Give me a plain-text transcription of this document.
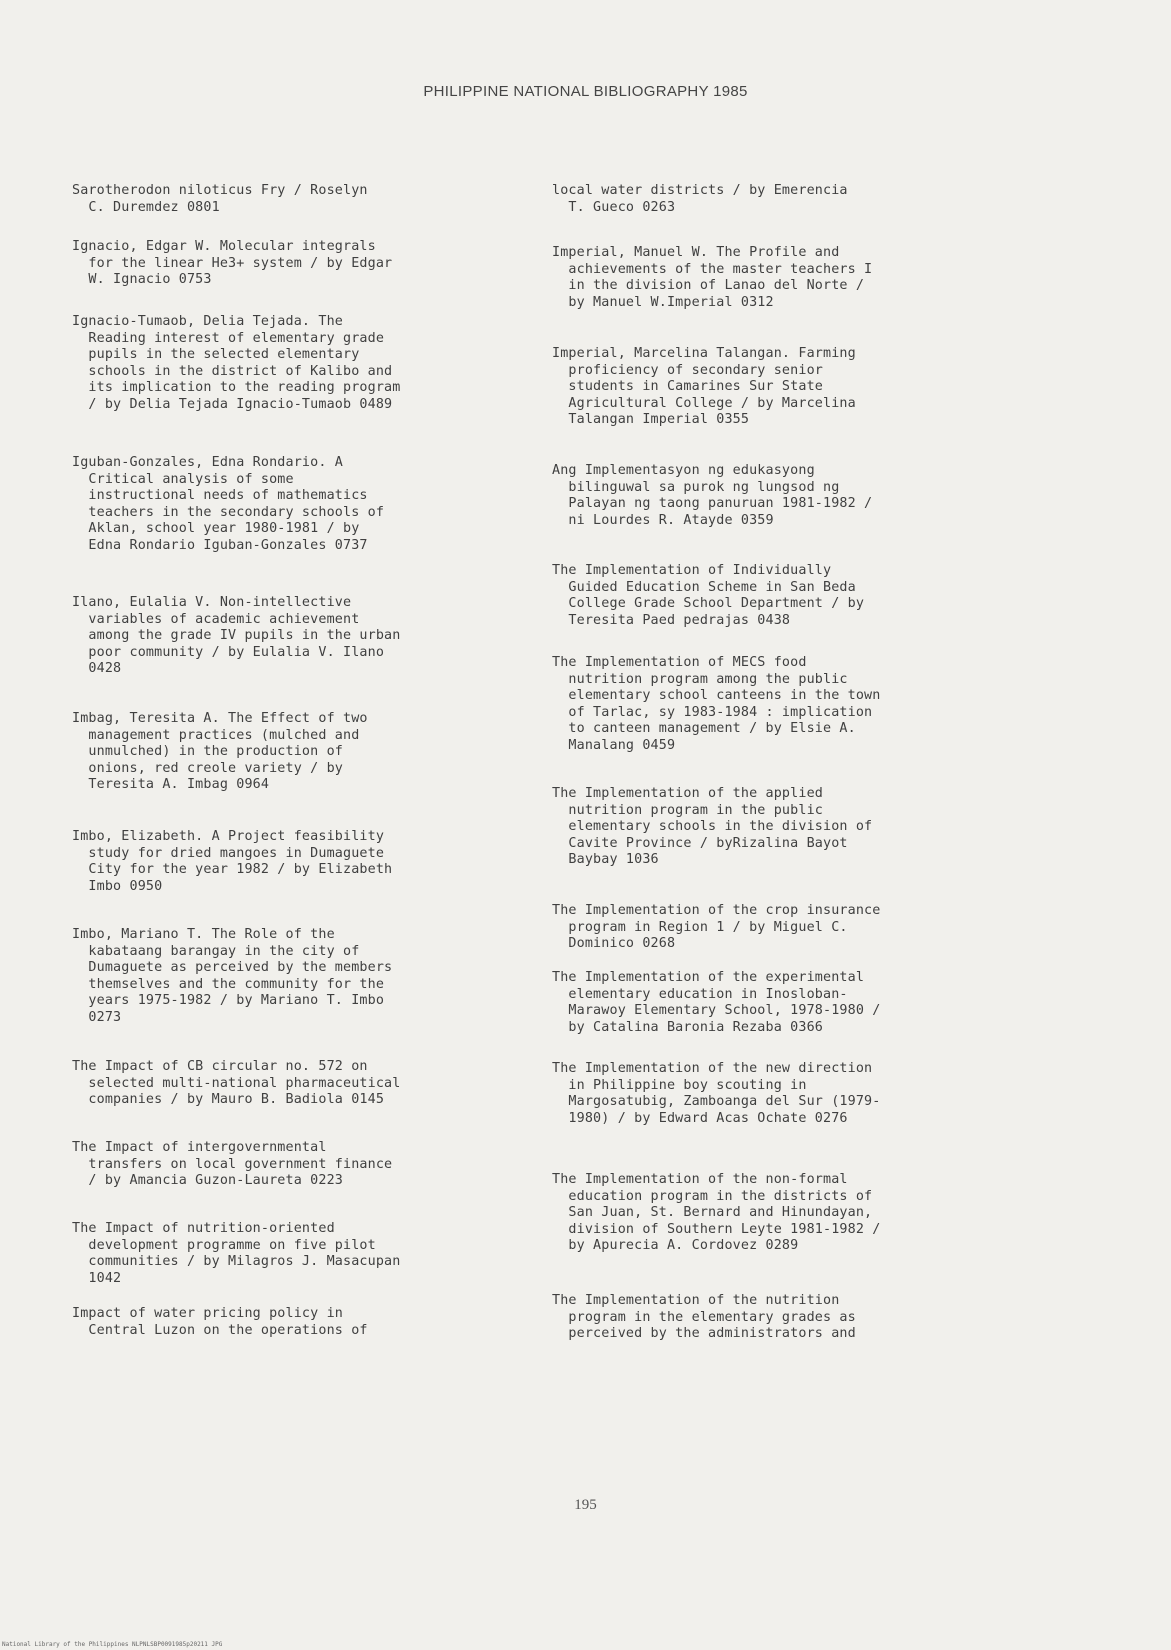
PHILIPPINE NATIONAL BIBLIOGRAPHY 1985
Sarotherodon niloticus Fry / Roselyn
C. Duremdez 0801
Ignacio, Edgar W. Molecular integrals
for the linear He3+ system / by Edgar
W. Ignacio 0753
Ignacio-Tumaob, Delia Tejada. The
Reading interest of elementary grade
pupils in the selected elementary
schools in the district of Kalibo and
its implication to the reading program
/ by Delia Tejada Ignacio-Tumaob 0489
Iguban-Gonzales, Edna Rondario. A
Critical analysis of some
instructional needs of mathematics
teachers in the secondary schools of
Aklan, school year 1980-1981 / by
Edna Rondario Iguban-Gonzales 0737
Ilano, Eulalia V. Non-intellective
variables of academic achievement
among the grade IV pupils in the urban
poor community / by Eulalia V. Ilano
0428
Imbag, Teresita A. The Effect of two
management practices (mulched and
unmulched) in the production of
onions, red creole variety / by
Teresita A. Imbag 0964
Imbo, Elizabeth. A Project feasibility
study for dried mangoes in Dumaguete
City for the year 1982 / by Elizabeth
Imbo 0950
Imbo, Mariano T. The Role of the
kabataang barangay in the city of
Dumaguete as perceived by the members
themselves and the community for the
years 1975-1982 / by Mariano T. Imbo
0273
The Impact of CB circular no. 572 on
selected multi-national pharmaceutical
companies / by Mauro B. Badiola 0145
The Impact of intergovernmental
transfers on local government finance
/ by Amancia Guzon-Laureta 0223
The Impact of nutrition-oriented
development programme on five pilot
communities / by Milagros J. Masacupan
1042
Impact of water pricing policy in
Central Luzon on the operations of
local water districts / by Emerencia
T. Gueco 0263
Imperial, Manuel W. The Profile and
achievements of the master teachers I
in the division of Lanao del Norte /
by Manuel W.Imperial 0312
Imperial, Marcelina Talangan. Farming
proficiency of secondary senior
students in Camarines Sur State
Agricultural College / by Marcelina
Talangan Imperial 0355
Ang Implementasyon ng edukasyong
bilinguwal sa purok ng lungsod ng
Palayan ng taong panuruan 1981-1982 /
ni Lourdes R. Atayde 0359
The Implementation of Individually
Guided Education Scheme in San Beda
College Grade School Department / by
Teresita Paed pedrajas 0438
The Implementation of MECS food
nutrition program among the public
elementary school canteens in the town
of Tarlac, sy 1983-1984 : implication
to canteen management / by Elsie A.
Manalang 0459
The Implementation of the applied
nutrition program in the public
elementary schools in the division of
Cavite Province / byRizalina Bayot
Baybay 1036
The Implementation of the crop insurance
program in Region 1 / by Miguel C.
Dominico 0268
The Implementation of the experimental
elementary education in Inosloban-
Marawoy Elementary School, 1978-1980 /
by Catalina Baronia Rezaba 0366
The Implementation of the new direction
in Philippine boy scouting in
Margosatubig, Zamboanga del Sur (1979-
1980) / by Edward Acas Ochate 0276
The Implementation of the non-formal
education program in the districts of
San Juan, St. Bernard and Hinundayan,
division of Southern Leyte 1981-1982 /
by Apurecia A. Cordovez 0289
The Implementation of the nutrition
program in the elementary grades as
perceived by the administrators and
195
National Library of the Philippines NLPNLSBP0091985p20211 JPG
